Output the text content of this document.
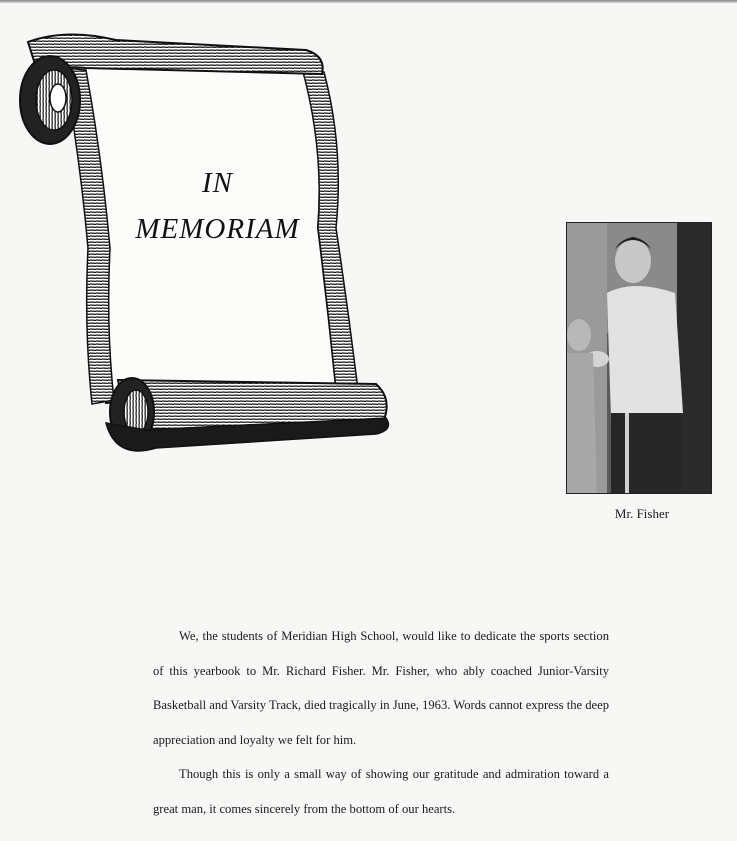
IN
MEMORIAM
Mr. Fisher

We, the students of Meridian High School, would like to dedicate the sports section of this yearbook to Mr. Richard Fisher. Mr. Fisher, who ably coached Junior-Varsity Basketball and Varsity Track, died tragically in June, 1963. Words cannot express the deep appreciation and loyalty we felt for him.

Though this is only a small way of showing our gratitude and admiration toward a great man, it comes sincerely from the bottom of our hearts.
